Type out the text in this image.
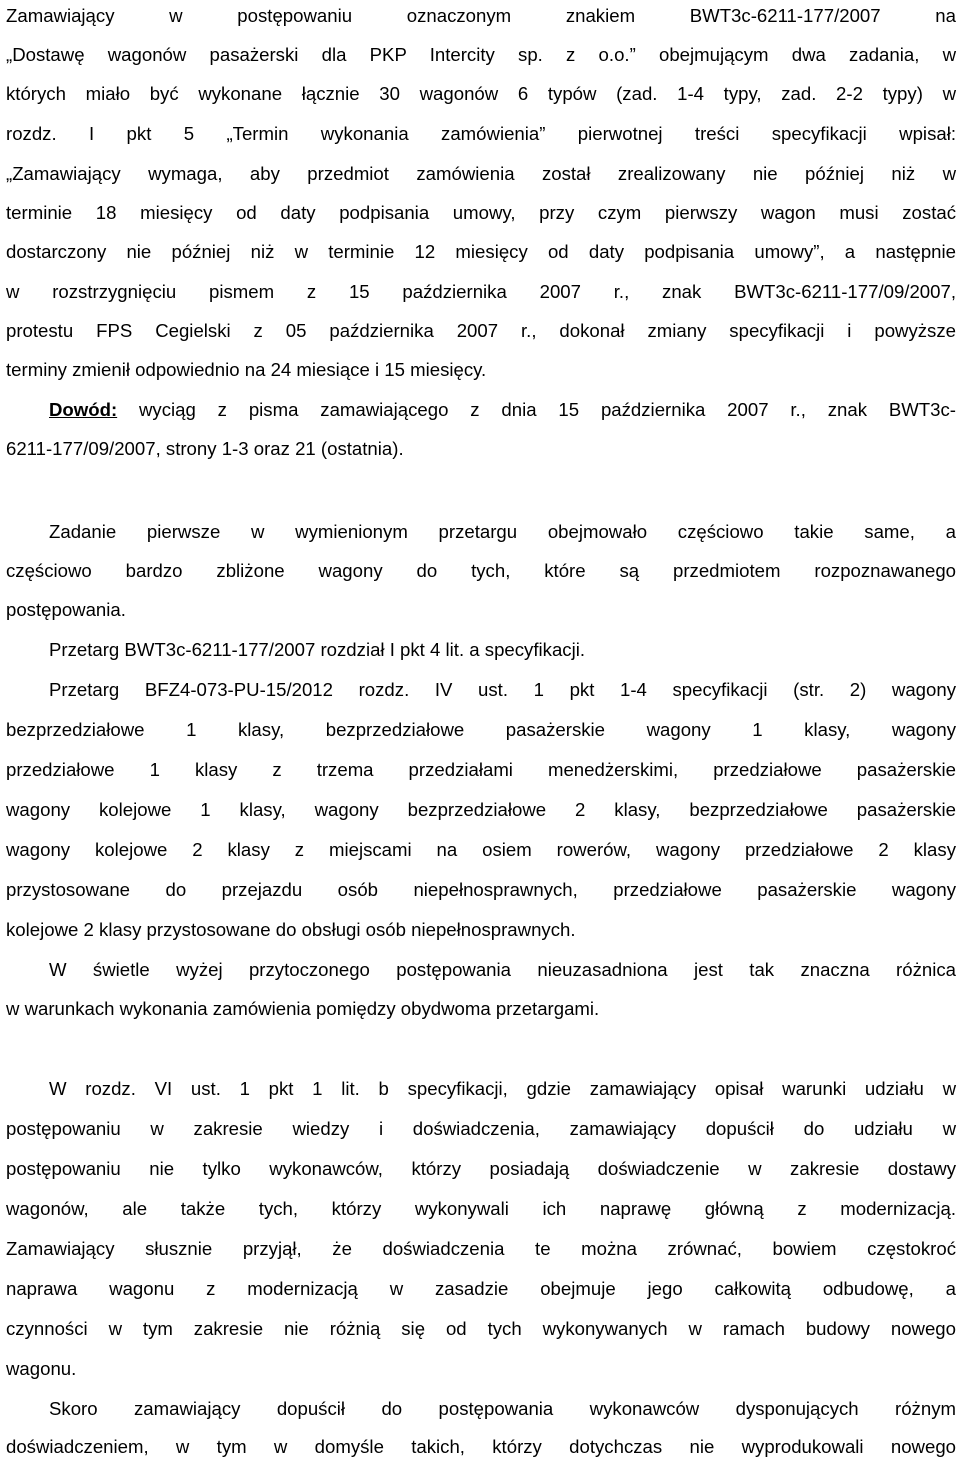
Zamawiający w postępowaniu oznaczonym znakiem BWT3c-6211-177/2007 na
„Dostawę wagonów pasażerski dla PKP Intercity sp. z o.o.” obejmującym dwa zadania, w
których miało być wykonane łącznie 30 wagonów 6 typów (zad. 1-4 typy, zad. 2-2 typy) w
rozdz. I pkt 5 „Termin wykonania zamówienia” pierwotnej treści specyfikacji wpisał:
„Zamawiający wymaga, aby przedmiot zamówienia został zrealizowany nie później niż w
terminie 18 miesięcy od daty podpisania umowy, przy czym pierwszy wagon musi zostać
dostarczony nie później niż w terminie 12 miesięcy od daty podpisania umowy”, a następnie
w rozstrzygnięciu pismem z 15 października 2007 r., znak BWT3c-6211-177/09/2007,
protestu FPS Cegielski z 05 października 2007 r., dokonał zmiany specyfikacji i powyższe
terminy zmienił odpowiednio na 24 miesiące i 15 miesięcy.
Dowód: wyciąg z pisma zamawiającego z dnia 15 października 2007 r., znak BWT3c-
6211-177/09/2007, strony 1-3 oraz 21 (ostatnia).
Zadanie pierwsze w wymienionym przetargu obejmowało częściowo takie same, a
częściowo bardzo zbliżone wagony do tych, które są przedmiotem rozpoznawanego
postępowania.
Przetarg BWT3c-6211-177/2007 rozdział I pkt 4 lit. a specyfikacji.
Przetarg BFZ4-073-PU-15/2012 rozdz. IV ust. 1 pkt 1-4 specyfikacji (str. 2) wagony
bezprzedziałowe 1 klasy, bezprzedziałowe pasażerskie wagony 1 klasy, wagony
przedziałowe 1 klasy z trzema przedziałami menedżerskimi, przedziałowe pasażerskie
wagony kolejowe 1 klasy, wagony bezprzedziałowe 2 klasy, bezprzedziałowe pasażerskie
wagony kolejowe 2 klasy z miejscami na osiem rowerów, wagony przedziałowe 2 klasy
przystosowane do przejazdu osób niepełnosprawnych, przedziałowe pasażerskie wagony
kolejowe 2 klasy przystosowane do obsługi osób niepełnosprawnych.
W świetle wyżej przytoczonego postępowania nieuzasadniona jest tak znaczna różnica
w warunkach wykonania zamówienia pomiędzy obydwoma przetargami.
W rozdz. VI ust. 1 pkt 1 lit. b specyfikacji, gdzie zamawiający opisał warunki udziału w
postępowaniu w zakresie wiedzy i doświadczenia, zamawiający dopuścił do udziału w
postępowaniu nie tylko wykonawców, którzy posiadają doświadczenie w zakresie dostawy
wagonów, ale także tych, którzy wykonywali ich naprawę główną z modernizacją.
Zamawiający słusznie przyjął, że doświadczenia te można zrównać, bowiem częstokroć
naprawa wagonu z modernizacją w zasadzie obejmuje jego całkowitą odbudowę, a
czynności w tym zakresie nie różnią się od tych wykonywanych w ramach budowy nowego
wagonu.
Skoro zamawiający dopuścił do postępowania wykonawców dysponujących różnym
doświadczeniem, w tym w domyśle takich, którzy dotychczas nie wyprodukowali nowego
